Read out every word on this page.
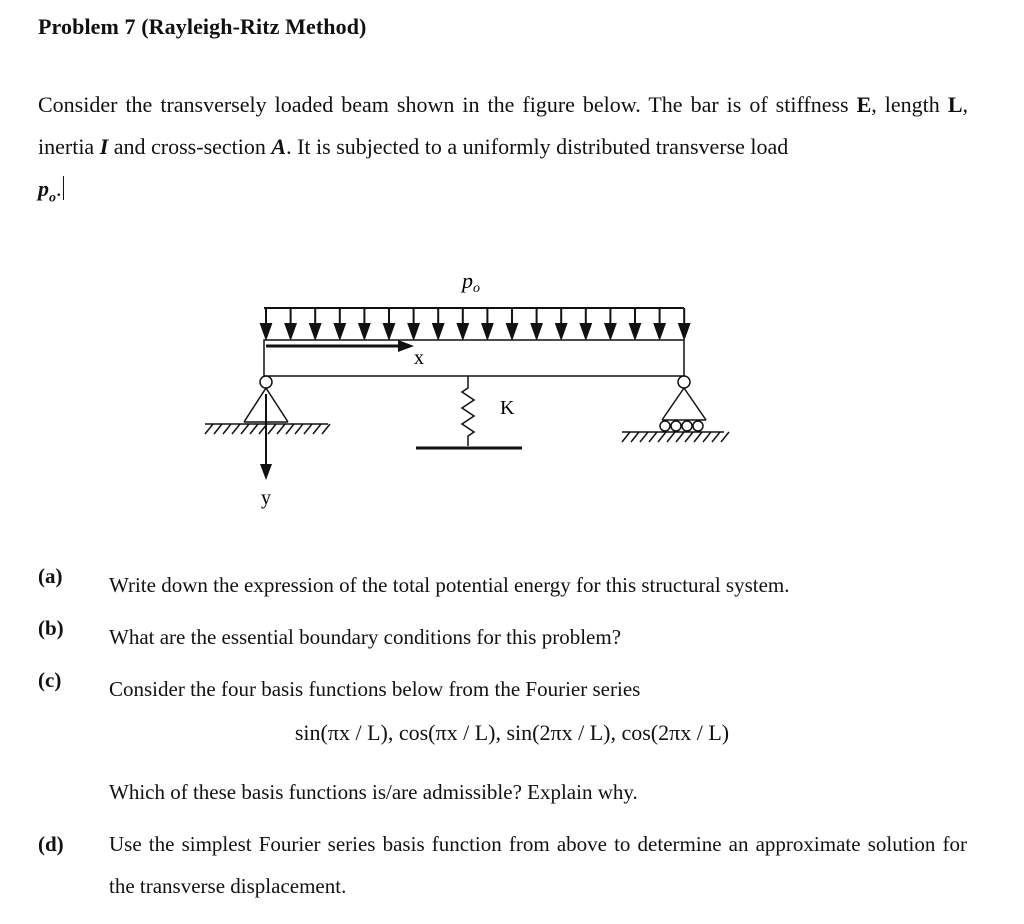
Problem 7 (Rayleigh-Ritz Method)
Consider the transversely loaded beam shown in the figure below. The bar is of stiffness E, length L, inertia I and cross-section A. It is subjected to a uniformly distributed transverse load
$p_o$.
po
x
y
K
(a) Write down the expression of the total potential energy for this structural system.
(b) What are the essential boundary conditions for this problem?
(c) Consider the four basis functions below from the Fourier series
sin(πx / L), cos(πx / L), sin(2πx / L), cos(2πx / L)
Which of these basis functions is/are admissible? Explain why.
(d) Use the simplest Fourier series basis function from above to determine an approximate solution for the transverse displacement.
